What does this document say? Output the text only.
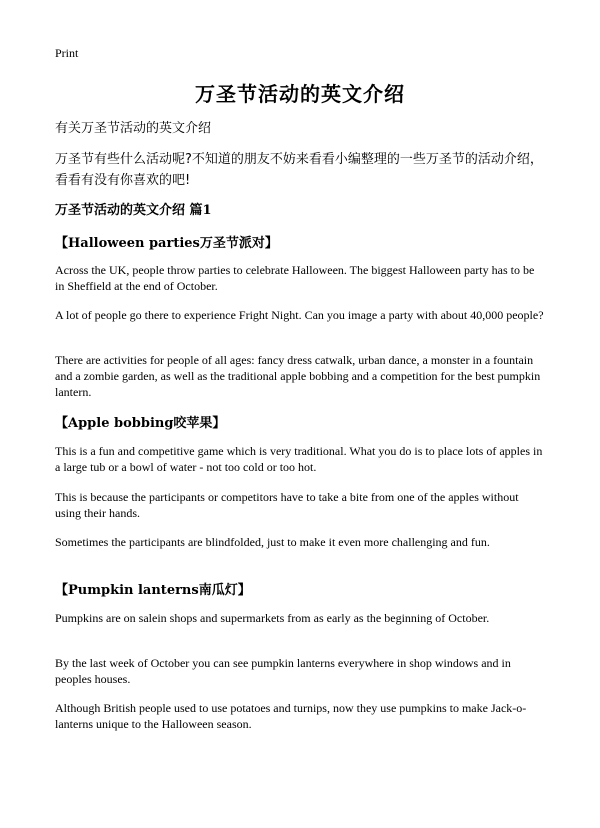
Print
万圣节活动的英文介绍
有关万圣节活动的英文介绍
万圣节有些什么活动呢?不知道的朋友不妨来看看小编整理的一些万圣节的活动介绍，看看有没有你喜欢的吧!
万圣节活动的英文介绍 篇1
【Halloween parties万圣节派对】
Across the UK, people throw parties to celebrate Halloween. The biggest Halloween party has to be in Sheffield at the end of October.
A lot of people go there to experience Fright Night. Can you image a party with about 40,000 people?
There are activities for people of all ages: fancy dress catwalk, urban dance, a monster in a fountain and a zombie garden, as well as the traditional apple bobbing and a competition for the best pumpkin lantern.
【Apple bobbing咬苹果】
This is a fun and competitive game which is very traditional. What you do is to place lots of apples in a large tub or a bowl of water - not too cold or too hot.
This is because the participants or competitors have to take a bite from one of the apples without using their hands.
Sometimes the participants are blindfolded, just to make it even more challenging and fun.
【Pumpkin lanterns南瓜灯】
Pumpkins are on salein shops and supermarkets from as early as the beginning of October.
By the last week of October you can see pumpkin lanterns everywhere in shop windows and in peoples houses.
Although British people used to use potatoes and turnips, now they use pumpkins to make Jack-o-lanterns unique to the Halloween season.
